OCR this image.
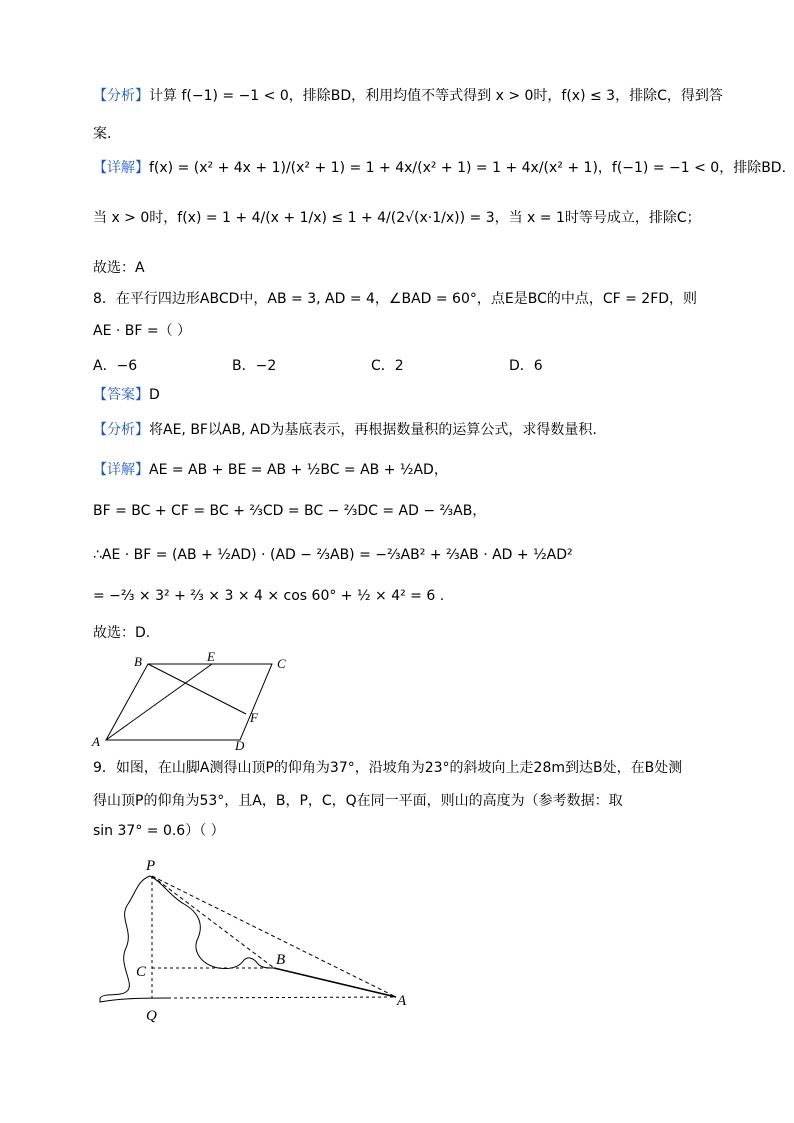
【分析】计算 f(−1) = −1 < 0，排除BD，利用均值不等式得到 x > 0时，f(x) ≤ 3，排除C，得到答
案.
【详解】f(x) = (x² + 4x + 1)/(x² + 1) = 1 + 4x/(x² + 1) = 1 + 4x/(x² + 1)，f(−1) = −1 < 0，排除BD.
当 x > 0时，f(x) = 1 + 4/(x + 1/x) ≤ 1 + 4/(2√(x·1/x)) = 3，当 x = 1时等号成立，排除C；
故选：A
8．在平行四边形ABCD中，AB = 3, AD = 4，∠BAD = 60°，点E是BC的中点，CF = 2FD，则
AE · BF =（ ）
A．−6	B．−2	C．2	D．6
【答案】D
【分析】将AE, BF以AB, AD为基底表示，再根据数量积的运算公式，求得数量积.
【详解】AE = AB + BE = AB + ½BC = AB + ½AD，
BF = BC + CF = BC + ⅔CD = BC − ⅔DC = AD − ⅔AB，
∴AE · BF = (AB + ½AD) · (AD − ⅔AB) = −⅔AB² + ⅔AB · AD + ½AD²
= −⅔ × 3² + ⅔ × 3 × 4 × cos 60° + ½ × 4² = 6 .
故选：D.
B	E	C
F
A	D
9．如图，在山脚A测得山顶P的仰角为37°，沿坡角为23°的斜坡向上走28m到达B处，在B处测
得山顶P的仰角为53°，且A，B，P，C，Q在同一平面，则山的高度为（参考数据：取
sin 37° = 0.6）（ ）
P
C
B
Q
A
